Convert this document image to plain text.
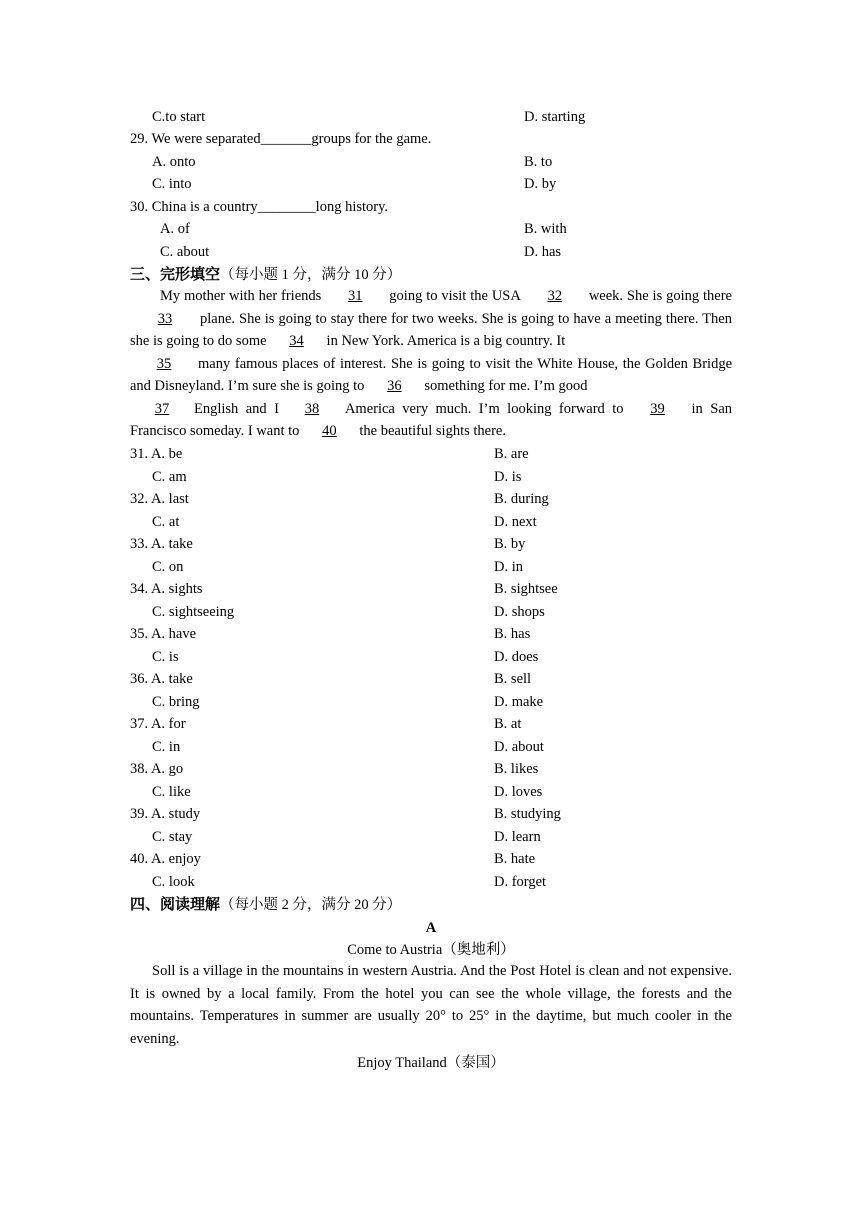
C.to start	D. starting
29. We were separated_______groups for the game.
A. onto	B. to
C. into	D. by
30. China is a country________long history.
A. of	B. with
C. about	D. has
三、完形填空（每小题 1 分，满分 10 分）
My mother with her friends 31 going to visit the USA 32 week. She is going there33 plane. She is going to stay there for two weeks. She is going to have a meeting there. Then she is going to do some 34 in New York. America is a big country. It
35 many famous places of interest. She is going to visit the White House, the Golden Bridge and Disneyland. I’m sure she is going to 36 something for me. I’m good
37 English and I 38 America very much. I’m looking forward to 39 in San Francisco someday. I want to 40 the beautiful sights there.
31. A. be	B. are
C. am	D. is
32. A. last	B. during
C. at	D. next
33. A. take	B. by
C. on	D. in
34. A. sights	B. sightsee
C. sightseeing	D. shops
35. A. have	B. has
C. is	D. does
36. A. take	B. sell
C. bring	D. make
37. A. for	B. at
C. in	D. about
38. A. go	B. likes
C. like	D. loves
39. A. study	B. studying
C. stay	D. learn
40. A. enjoy	B. hate
C. look	D. forget
四、阅读理解（每小题 2 分，满分 20 分）
A
Come to Austria（奥地利）
Soll is a village in the mountains in western Austria. And the Post Hotel is clean and not expensive. It is owned by a local family. From the hotel you can see the whole village, the forests and the mountains. Temperatures in summer are usually 20° to 25° in the daytime, but much cooler in the evening.
Enjoy Thailand（泰国）
